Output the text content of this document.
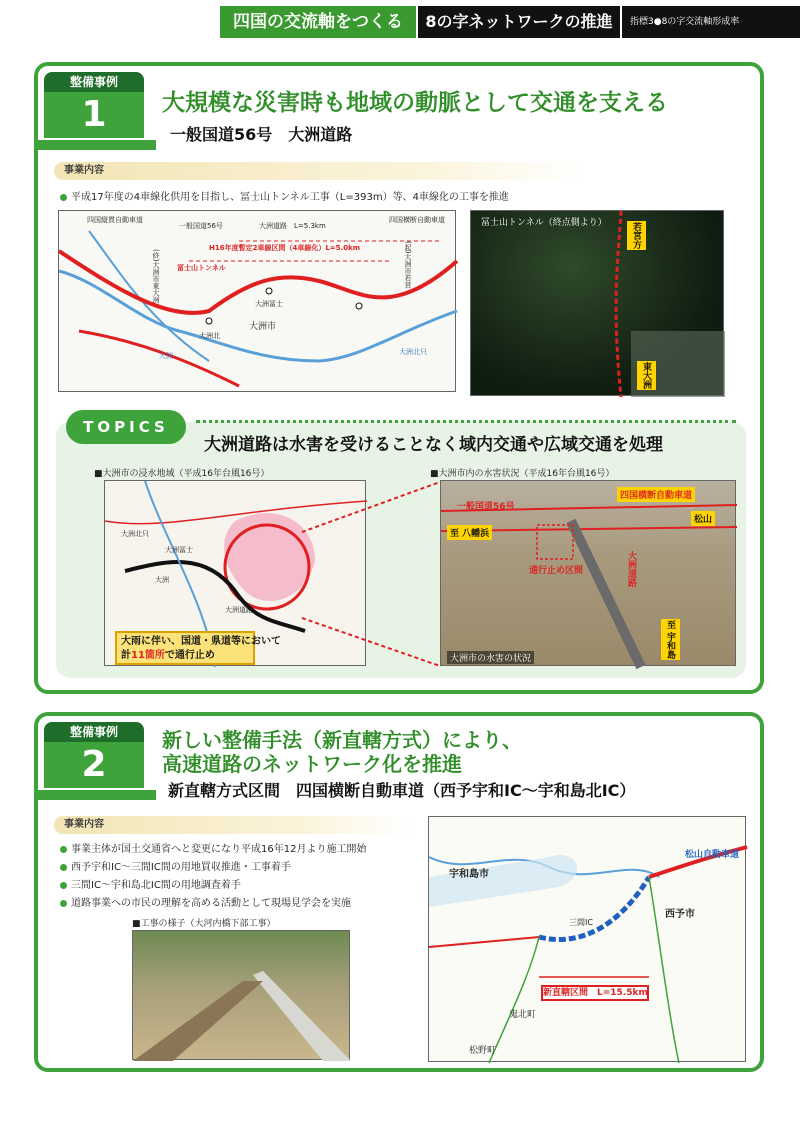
四国の交流軸をつくる	8の字ネットワークの推進	指標3●8の字交流軸形成率
整備事例
1	大規模な災害時も地域の動脈として交通を支える
一般国道56号　大洲道路
事業内容
平成17年度の4車線化供用を目指し、冨士山トンネル工事（L=393m）等、4車線化の工事を推進
四国縦貫自動車道	四国横断自動車道
一般国道56号	大洲道路　L=5.3km
H16年度暫定2車線区間（4車線化）L=5.0km
冨士山トンネル
大洲市
大洲北
大洲冨士
大洲北只
大洲
(終)大洲市東大洲	(起)大洲市若宮
冨士山トンネル（終点側より）	若宮方
東大洲
TOPICS
大洲道路は水害を受けることなく域内交通や広域交通を処理
■大洲市の浸水地域（平成16年台風16号）	■大洲市内の水害状況（平成16年台風16号）
大洲北只
大洲冨士
大洲
大洲道路
大雨に伴い、国道・県道等において
計11箇所で通行止め
四国横断自動車道
一般国道56号
松山
至 八幡浜
至 宇和島
通行止め区間	大洲道路
大洲市の水害の状況
整備事例
2
新しい整備手法（新直轄方式）により、
高速道路のネットワーク化を推進
新直轄方式区間　四国横断自動車道（西予宇和IC～宇和島北IC）
事業内容
事業主体が国土交通省へと変更になり平成16年12月より施工開始
西予宇和IC～三間IC間の用地買収推進・工事着手
三間IC～宇和島北IC間の用地調査着手
道路事業への市民の理解を高める活動として現場見学会を実施
■工事の様子（大河内橋下部工事）
宇和島市
西予市
鬼北町
松野町
松山自動車道
三間IC
新直轄区間　L=15.5km
